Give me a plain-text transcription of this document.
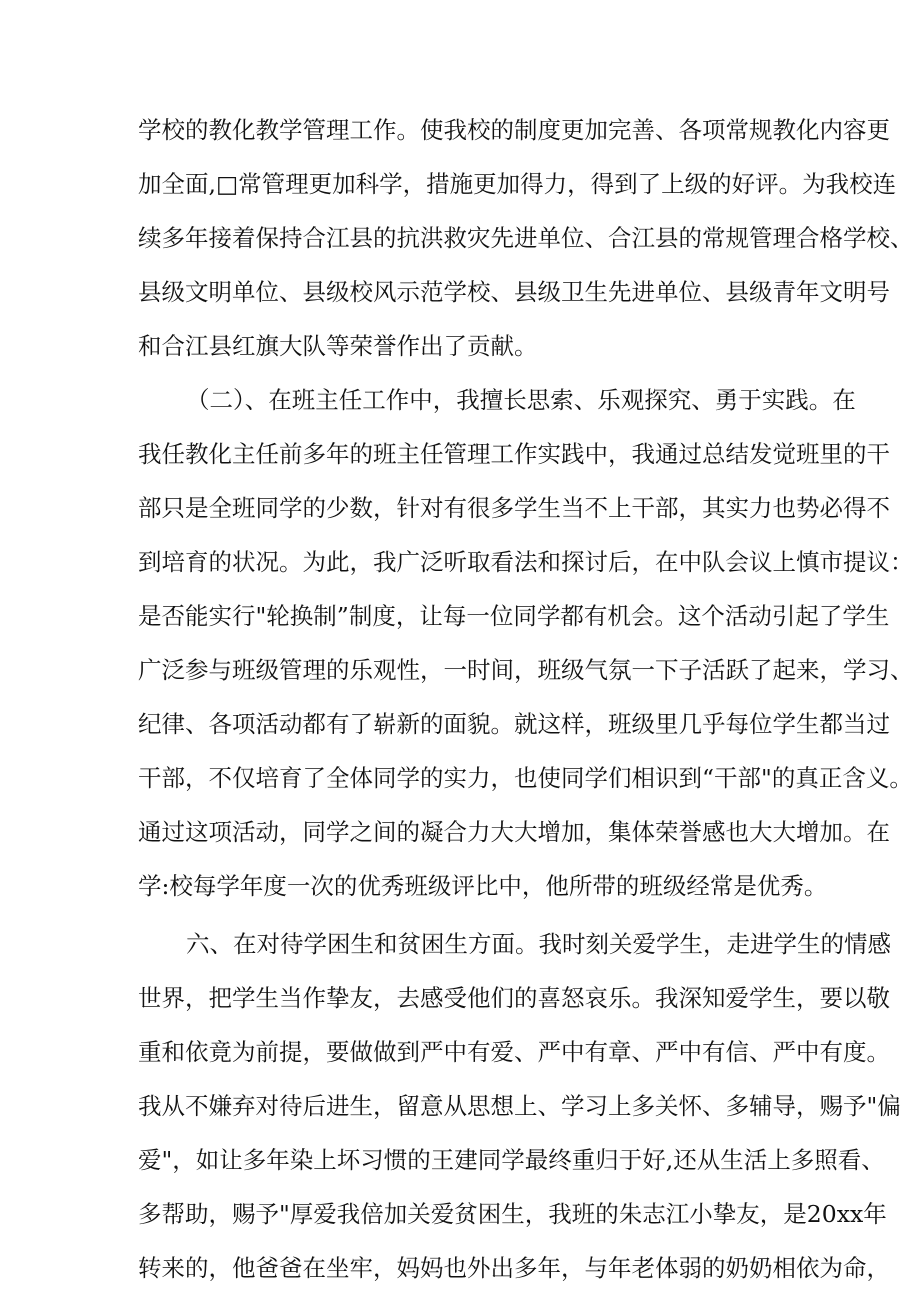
学校的教化教学管理工作。使我校的制度更加完善、各项常规教化内容更
加全面,□常管理更加科学，措施更加得力，得到了上级的好评。为我校连
续多年接着保持合江县的抗洪救灾先进单位、合江县的常规管理合格学校、
县级文明单位、县级校风示范学校、县级卫生先进单位、县级青年文明号
和合江县红旗大队等荣誉作出了贡献。
（二）、在班主任工作中，我擅长思索、乐观探究、勇于实践。在
我任教化主任前多年的班主任管理工作实践中，我通过总结发觉班里的干
部只是全班同学的少数，针对有很多学生当不上干部，其实力也势必得不
到培育的状况。为此，我广泛听取看法和探讨后，在中队会议上慎市提议：
是否能实行"轮换制”制度，让每一位同学都有机会。这个活动引起了学生
广泛参与班级管理的乐观性，一时间，班级气氛一下子活跃了起来，学习、
纪律、各项活动都有了崭新的面貌。就这样，班级里几乎每位学生都当过
干部，不仅培育了全体同学的实力，也使同学们相识到“干部"的真正含义。
通过这项活动，同学之间的凝合力大大增加，集体荣誉感也大大增加。在
学:校每学年度一次的优秀班级评比中，他所带的班级经常是优秀。
六、在对待学困生和贫困生方面。我时刻关爱学生，走进学生的情感
世界，把学生当作挚友，去感受他们的喜怒哀乐。我深知爱学生，要以敬
重和依竟为前提，要做做到严中有爱、严中有章、严中有信、严中有度。
我从不嫌弃对待后进生，留意从思想上、学习上多关怀、多辅导，赐予"偏
爱"，如让多年染上坏习惯的王建同学最终重归于好,还从生活上多照看、
多帮助，赐予"厚爱我倍加关爱贫困生，我班的朱志江小挚友，是20xx年
转来的，他爸爸在坐牢，妈妈也外出多年，与年老体弱的奶奶相依为命，
